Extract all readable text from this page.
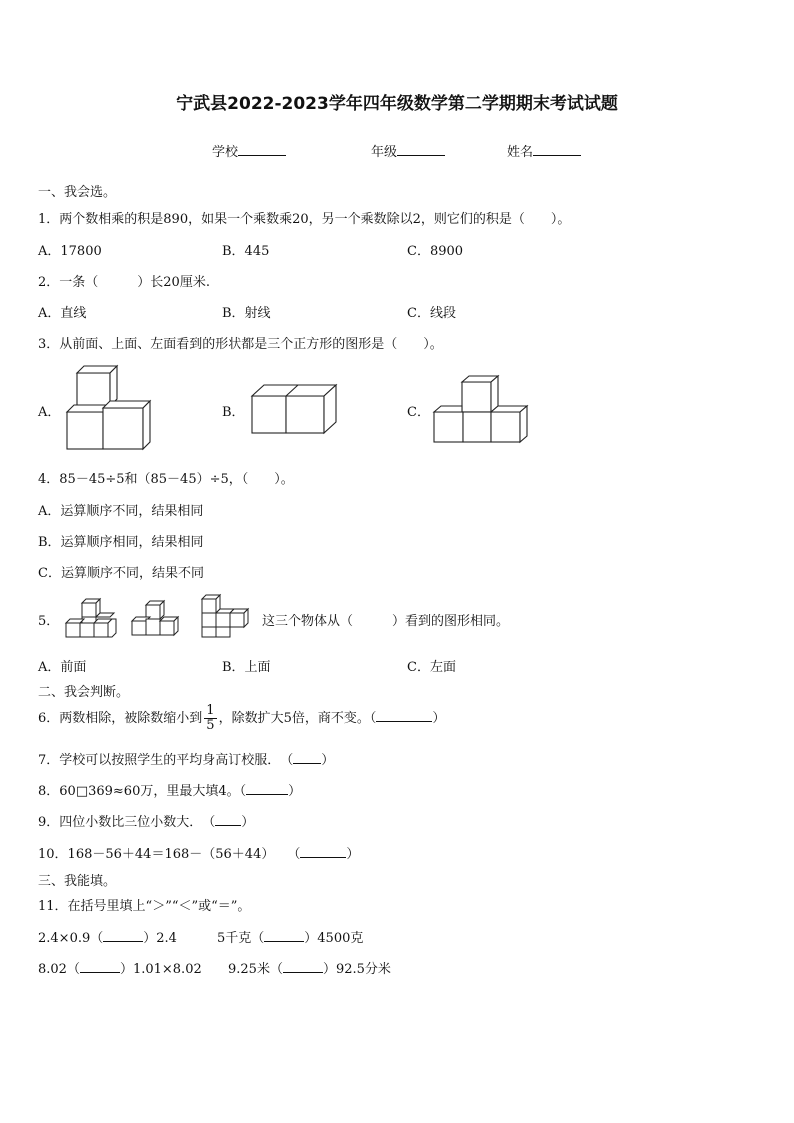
宁武县2022-2023学年四年级数学第二学期期末考试试题
学校	年级	姓名
一、我会选。
1．两个数相乘的积是890，如果一个乘数乘20，另一个乘数除以2，则它们的积是（　　）。
A．17800	B．445	C．8900
2．一条（　　　）长20厘米.
A．直线	B．射线	C．线段
3．从前面、上面、左面看到的形状都是三个正方形的图形是（　　）。
A．	B．	C．
4．85－45÷5和（85－45）÷5，（　　）。
A．运算顺序不同，结果相同
B．运算顺序相同，结果相同
C．运算顺序不同，结果不同
5．	这三个物体从（　　　）看到的图形相同。
A．前面	B．上面	C．左面
二、我会判断。
6．两数相除，被除数缩小到 $\frac{1}{5}$ ，除数扩大5倍，商不变。（	）
7．学校可以按照学生的平均身高订校服．　（ ）
8．60□369≈60万，里最大填4。（	）
9．四位小数比三位小数大．　（ ）
10．168－56＋44＝168－（56＋44）　　（	）
三、我能填。
11．在括号里填上“＞”“＜”或“＝”。
2.4×0.9（	）2.4	5千克（	）4500克
8.02（	）1.01×8.02 9.25米（	）92.5分米
